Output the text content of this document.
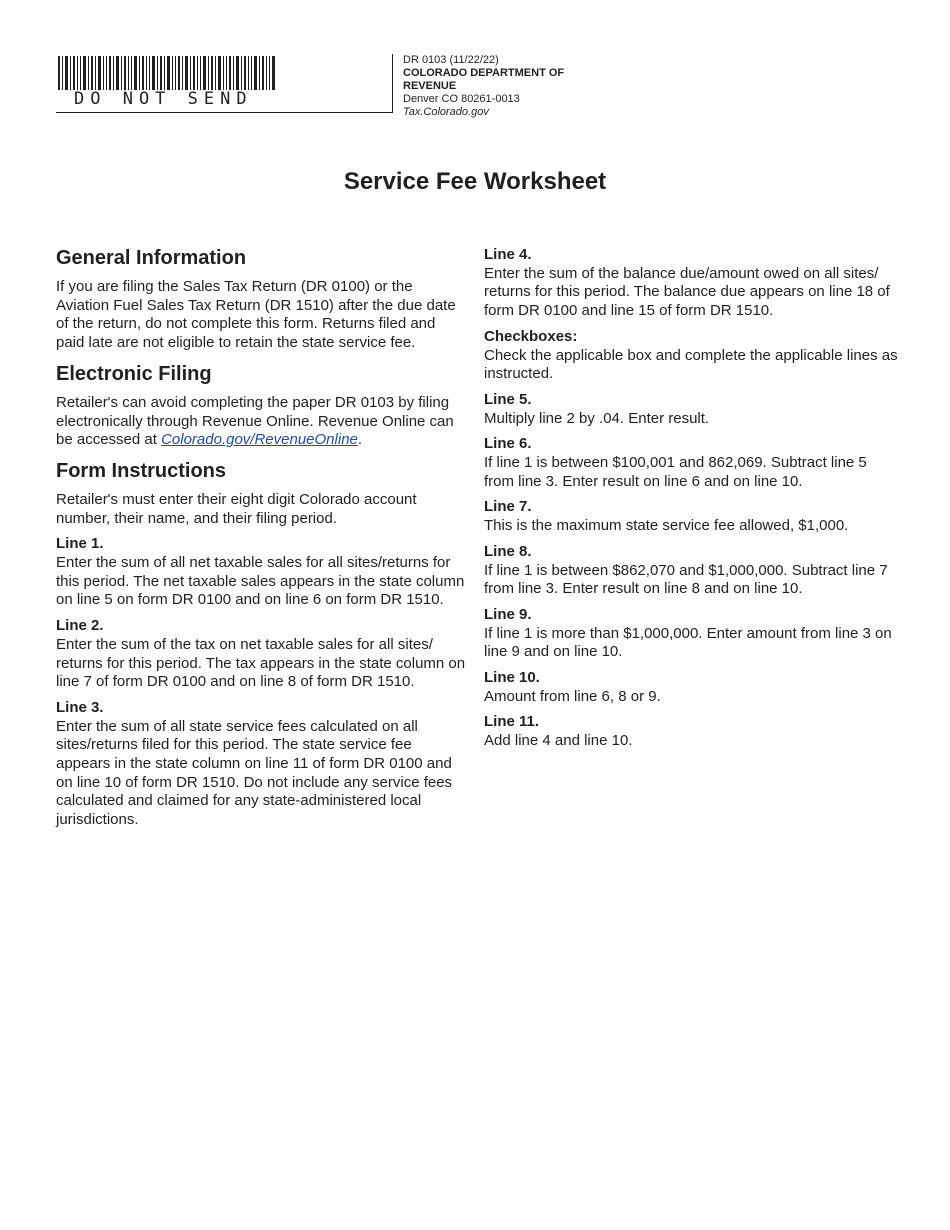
DO NOT SEND
DR 0103 (11/22/22)
COLORADO DEPARTMENT OF REVENUE
Denver CO 80261-0013
Tax.Colorado.gov
Service Fee Worksheet
General Information

If you are filing the Sales Tax Return (DR 0100) or the Aviation Fuel Sales Tax Return (DR 1510) after the due date of the return, do not complete this form. Returns filed and paid late are not eligible to retain the state service fee.

Electronic Filing

Retailer's can avoid completing the paper DR 0103 by filing electronically through Revenue Online. Revenue Online can be accessed at Colorado.gov/RevenueOnline.

Form Instructions

Retailer's must enter their eight digit Colorado account number, their name, and their filing period.

Line 1.
Enter the sum of all net taxable sales for all sites/returns for this period. The net taxable sales appears in the state column on line 5 on form DR 0100 and on line 6 on form DR 1510.
Line 2.
Enter the sum of the tax on net taxable sales for all sites/ returns for this period. The tax appears in the state column on line 7 of form DR 0100 and on line 8 of form DR 1510.
Line 3.
Enter the sum of all state service fees calculated on all sites/returns filed for this period. The state service fee appears in the state column on line 11 of form DR 0100 and on line 10 of form DR 1510. Do not include any service fees calculated and claimed for any state-administered local jurisdictions.
Line 4.
Enter the sum of the balance due/amount owed on all sites/ returns for this period. The balance due appears on line 18 of form DR 0100 and line 15 of form DR 1510.
Checkboxes:
Check the applicable box and complete the applicable lines as instructed.
Line 5.
Multiply line 2 by .04. Enter result.
Line 6.
If line 1 is between $100,001 and 862,069. Subtract line 5 from line 3. Enter result on line 6 and on line 10.
Line 7.
This is the maximum state service fee allowed, $1,000.
Line 8.
If line 1 is between $862,070 and $1,000,000. Subtract line 7 from line 3. Enter result on line 8 and on line 10.
Line 9.
If line 1 is more than $1,000,000. Enter amount from line 3 on line 9 and on line 10.
Line 10.
Amount from line 6, 8 or 9.
Line 11.
Add line 4 and line 10.
